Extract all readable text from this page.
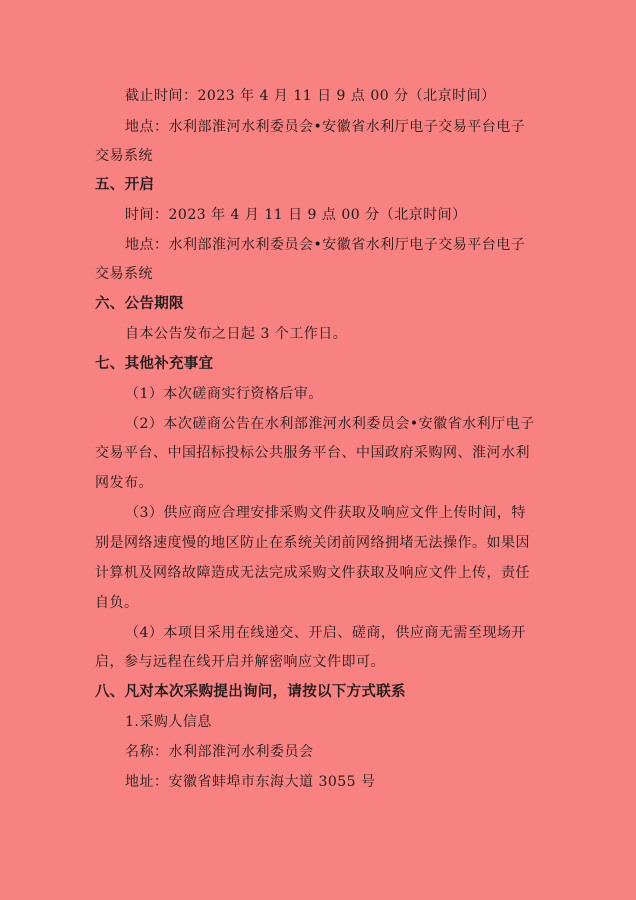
截止时间：2023 年 4 月 11 日 9 点 00 分（北京时间）
地点：水利部淮河水利委员会•安徽省水利厅电子交易平台电子
交易系统
五、开启
时间：2023 年 4 月 11 日 9 点 00 分（北京时间）
地点：水利部淮河水利委员会•安徽省水利厅电子交易平台电子
交易系统
六、公告期限
自本公告发布之日起 3 个工作日。
七、其他补充事宜
（1）本次磋商实行资格后审。
（2）本次磋商公告在水利部淮河水利委员会•安徽省水利厅电子
交易平台、中国招标投标公共服务平台、中国政府采购网、淮河水利
网发布。
（3）供应商应合理安排采购文件获取及响应文件上传时间，特
别是网络速度慢的地区防止在系统关闭前网络拥堵无法操作。如果因
计算机及网络故障造成无法完成采购文件获取及响应文件上传，责任
自负。
（4）本项目采用在线递交、开启、磋商，供应商无需至现场开
启，参与远程在线开启并解密响应文件即可。
八、凡对本次采购提出询问，请按以下方式联系
1.采购人信息
名称：水利部淮河水利委员会
地址：安徽省蚌埠市东海大道 3055 号
